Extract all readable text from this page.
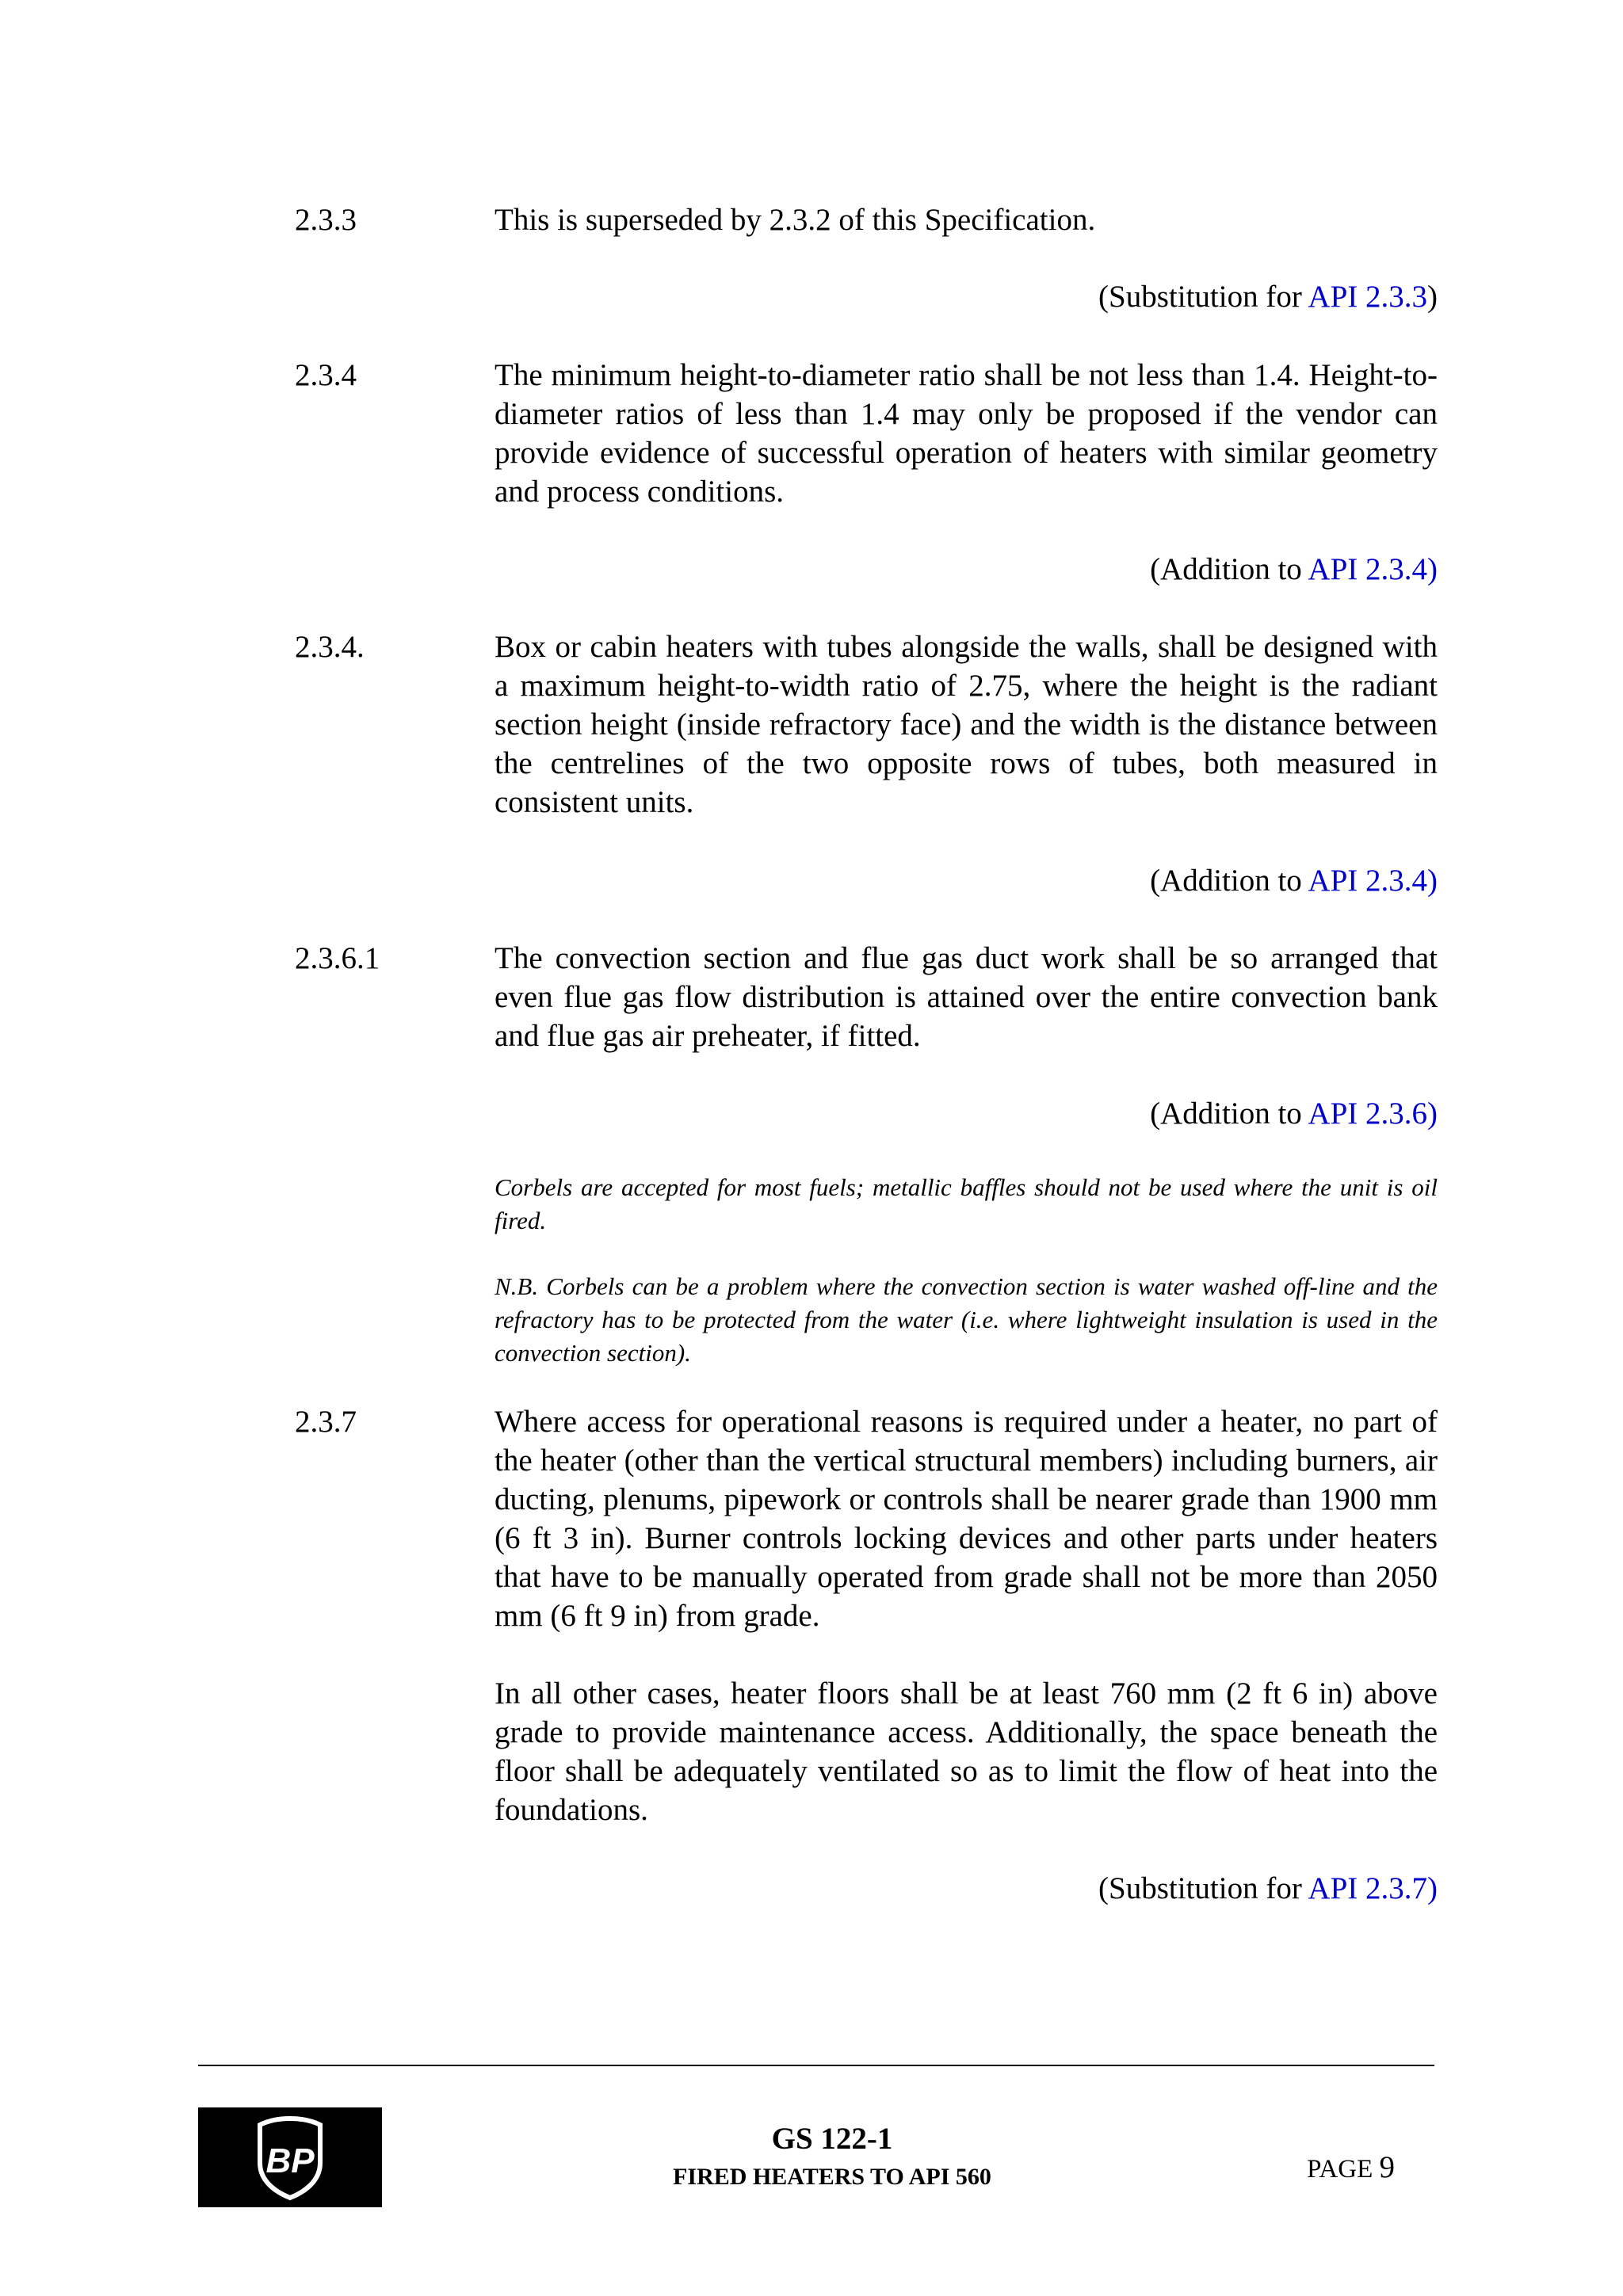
2.3.3	This is superseded by 2.3.2 of this Specification.

(Substitution for API 2.3.3)
2.3.4	The minimum height-to-diameter ratio shall be not less than 1.4. Height-to-diameter ratios of less than 1.4 may only be proposed if the vendor can provide evidence of successful operation of heaters with similar geometry and process conditions.

(Addition to API 2.3.4)
2.3.4.	Box or cabin heaters with tubes alongside the walls, shall be designed with a maximum height-to-width ratio of 2.75, where the height is the radiant section height (inside refractory face) and the width is the distance between the centrelines of the two opposite rows of tubes, both measured in consistent units.

(Addition to API 2.3.4)
2.3.6.1	The convection section and flue gas duct work shall be so arranged that even flue gas flow distribution is attained over the entire convection bank and flue gas air preheater, if fitted.

(Addition to API 2.3.6)
Corbels are accepted for most fuels; metallic baffles should not be used where the unit is oil fired.
N.B. Corbels can be a problem where the convection section is water washed off-line and the refractory has to be protected from the water (i.e. where lightweight insulation is used in the convection section).
2.3.7	Where access for operational reasons is required under a heater, no part of the heater (other than the vertical structural members) including burners, air ducting, plenums, pipework or controls shall be nearer grade than 1900 mm (6 ft 3 in). Burner controls locking devices and other parts under heaters that have to be manually operated from grade shall not be more than 2050 mm (6 ft 9 in) from grade.

In all other cases, heater floors shall be at least 760 mm (2 ft 6 in) above grade to provide maintenance access. Additionally, the space beneath the floor shall be adequately ventilated so as to limit the flow of heat into the foundations.

(Substitution for API 2.3.7)
BP
GS 122-1
FIRED HEATERS TO API 560	PAGE 9
